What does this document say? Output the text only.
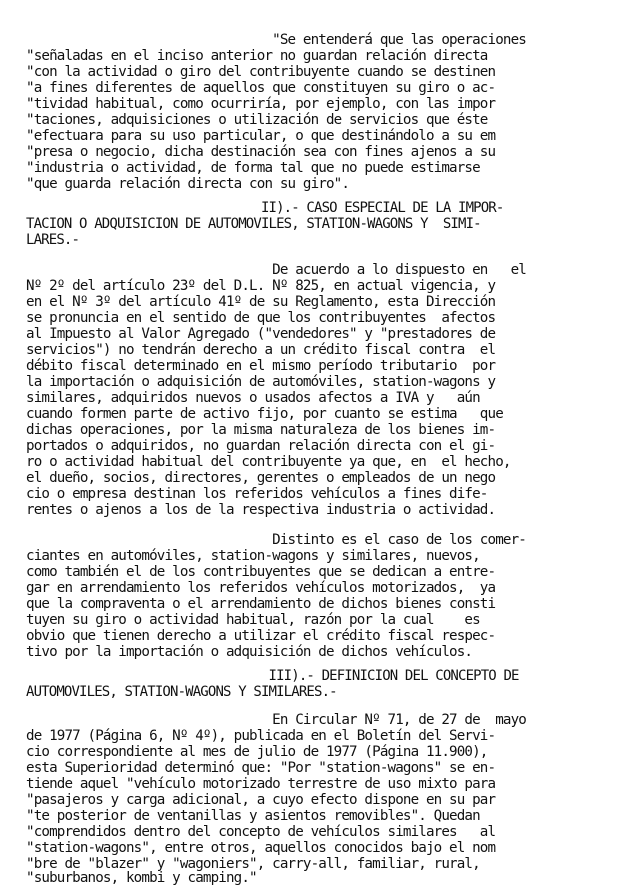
"Se entenderá que las operaciones
"señaladas en el inciso anterior no guardan relación directa
"con la actividad o giro del contribuyente cuando se destinen
"a fines diferentes de aquellos que constituyen su giro o ac-
"tividad habitual, como ocurriría, por ejemplo, con las impor
"taciones, adquisiciones o utilización de servicios que éste
"efectuara para su uso particular, o que destinándolo a su em
"presa o negocio, dicha destinación sea con fines ajenos a su
"industria o actividad, de forma tal que no puede estimarse
"que guarda relación directa con su giro".
II).- CASO ESPECIAL DE LA IMPOR-
TACION O ADQUISICION DE AUTOMOVILES, STATION-WAGONS Y  SIMI-
LARES.-
De acuerdo a lo dispuesto en   el
Nº 2º del artículo 23º del D.L. Nº 825, en actual vigencia, y
en el Nº 3º del artículo 41º de su Reglamento, esta Dirección
se pronuncia en el sentido de que los contribuyentes  afectos
al Impuesto al Valor Agregado ("vendedores" y "prestadores de
servicios") no tendrán derecho a un crédito fiscal contra  el
débito fiscal determinado en el mismo período tributario  por
la importación o adquisición de automóviles, station-wagons y
similares, adquiridos nuevos o usados afectos a IVA y   aún
cuando formen parte de activo fijo, por cuanto se estima   que
dichas operaciones, por la misma naturaleza de los bienes im-
portados o adquiridos, no guardan relación directa con el gi-
ro o actividad habitual del contribuyente ya que, en  el hecho,
el dueño, socios, directores, gerentes o empleados de un nego
cio o empresa destinan los referidos vehículos a fines dife-
rentes o ajenos a los de la respectiva industria o actividad.
Distinto es el caso de los comer-
ciantes en automóviles, station-wagons y similares, nuevos,
como también el de los contribuyentes que se dedican a entre-
gar en arrendamiento los referidos vehículos motorizados,  ya
que la compraventa o el arrendamiento de dichos bienes consti
tuyen su giro o actividad habitual, razón por la cual    es
obvio que tienen derecho a utilizar el crédito fiscal respec-
tivo por la importación o adquisición de dichos vehículos.
III).- DEFINICION DEL CONCEPTO DE
AUTOMOVILES, STATION-WAGONS Y SIMILARES.-
En Circular Nº 71, de 27 de  mayo
de 1977 (Página 6, Nº 4º), publicada en el Boletín del Servi-
cio correspondiente al mes de julio de 1977 (Página 11.900),
esta Superioridad determinó que: "Por "station-wagons" se en-
tiende aquel "vehículo motorizado terrestre de uso mixto para
"pasajeros y carga adicional, a cuyo efecto dispone en su par
"te posterior de ventanillas y asientos removibles". Quedan
"comprendidos dentro del concepto de vehículos similares   al
"station-wagons", entre otros, aquellos conocidos bajo el nom
"bre de "blazer" y "wagoniers", carry-all, familiar, rural,
"suburbanos, kombi y camping."
